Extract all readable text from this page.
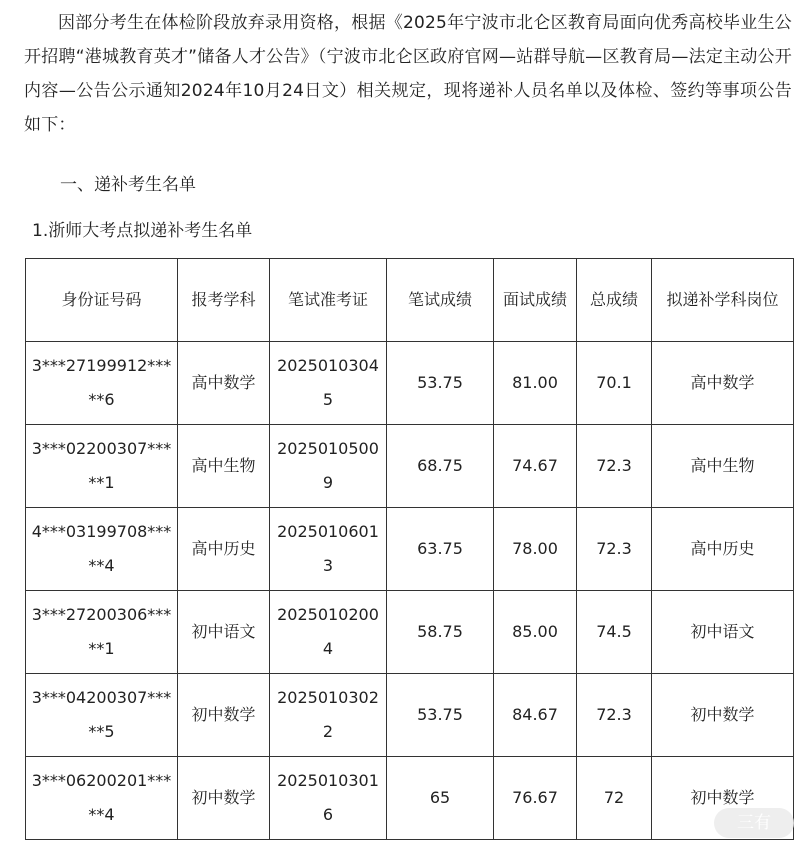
因部分考生在体检阶段放弃录用资格，根据《2025年宁波市北仑区教育局面向优秀高校毕业生公开招聘“港城教育英才”储备人才公告》（宁波市北仑区政府官网—站群导航—区教育局—法定主动公开内容—公告公示通知2024年10月24日文）相关规定，现将递补人员名单以及体检、签约等事项公告如下：

一、递补考生名单

1.浙师大考点拟递补考生名单

身份证号码	报考学科	笔试准考证	笔试成绩	面试成绩	总成绩	拟递补学科岗位
3***27199912*****6	高中数学	20250103045	53.75	81.00	70.1	高中数学
3***02200307*****1	高中生物	20250105009	68.75	74.67	72.3	高中生物
4***03199708*****4	高中历史	20250106013	63.75	78.00	72.3	高中历史
3***27200306*****1	初中语文	20250102004	58.75	85.00	74.5	初中语文
3***04200307*****5	初中数学	20250103022	53.75	84.67	72.3	初中数学
3***06200201*****4	初中数学	20250103016	65	76.67	72	初中数学
三有
